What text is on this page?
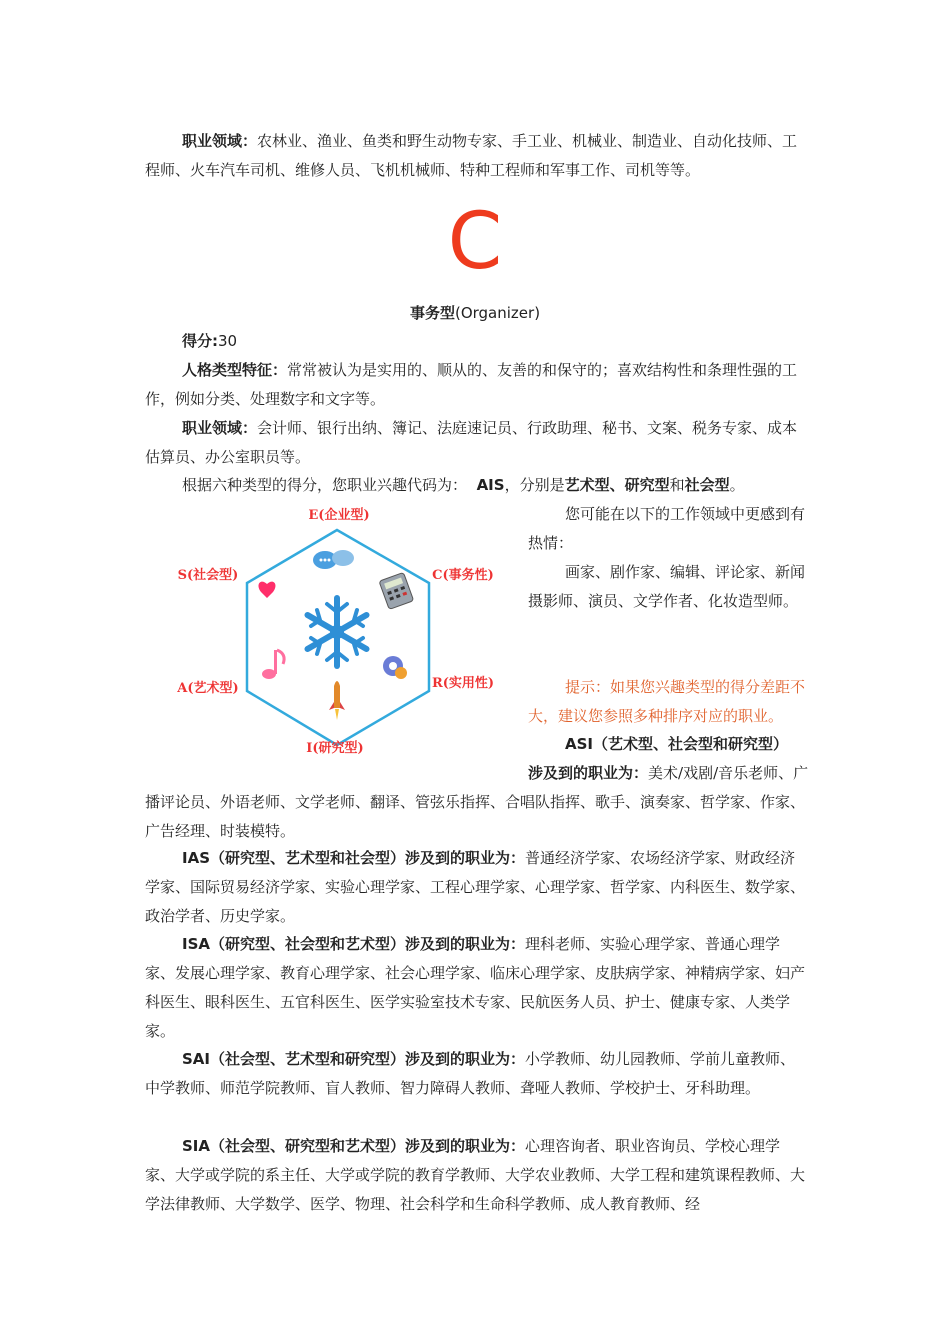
职业领域：农林业、渔业、鱼类和野生动物专家、手工业、机械业、制造业、自动化技师、工程师、火车汽车司机、维修人员、飞机机械师、特种工程师和军事工作、司机等等。

C
事务型(Organizer)

得分:30

人格类型特征：常常被认为是实用的、顺从的、友善的和保守的；喜欢结构性和条理性强的工作，例如分类、处理数字和文字等。

职业领域：会计师、银行出纳、簿记、法庭速记员、行政助理、秘书、文案、税务专家、成本估算员、办公室职员等。

根据六种类型的得分，您职业兴趣代码为： AIS，分别是艺术型、研究型和社会型。

E(企业型)
C(事务性)
R(实用性)
I(研究型)
A(艺术型)
S(社会型)

您可能在以下的工作领域中更感到有热情：

画家、剧作家、编辑、评论家、新闻摄影师、演员、文学作者、化妆造型师。

提示：如果您兴趣类型的得分差距不大，建议您参照多种排序对应的职业。

ASI（艺术型、社会型和研究型）

涉及到的职业为：美术/戏剧/音乐老师、广播评论员、外语老师、文学老师、翻译、管弦乐指挥、合唱队指挥、歌手、演奏家、哲学家、作家、广告经理、时装模特。

IAS（研究型、艺术型和社会型）涉及到的职业为：普通经济学家、农场经济学家、财政经济学家、国际贸易经济学家、实验心理学家、工程心理学家、心理学家、哲学家、内科医生、数学家、政治学者、历史学家。

ISA（研究型、社会型和艺术型）涉及到的职业为：理科老师、实验心理学家、普通心理学家、发展心理学家、教育心理学家、社会心理学家、临床心理学家、皮肤病学家、神精病学家、妇产科医生、眼科医生、五官科医生、医学实验室技术专家、民航医务人员、护士、健康专家、人类学家。

SAI（社会型、艺术型和研究型）涉及到的职业为：小学教师、幼儿园教师、学前儿童教师、中学教师、师范学院教师、盲人教师、智力障碍人教师、聋哑人教师、学校护士、牙科助理。

SIA（社会型、研究型和艺术型）涉及到的职业为：心理咨询者、职业咨询员、学校心理学家、大学或学院的系主任、大学或学院的教育学教师、大学农业教师、大学工程和建筑课程教师、大学法律教师、大学数学、医学、物理、社会科学和生命科学教师、成人教育教师、经
